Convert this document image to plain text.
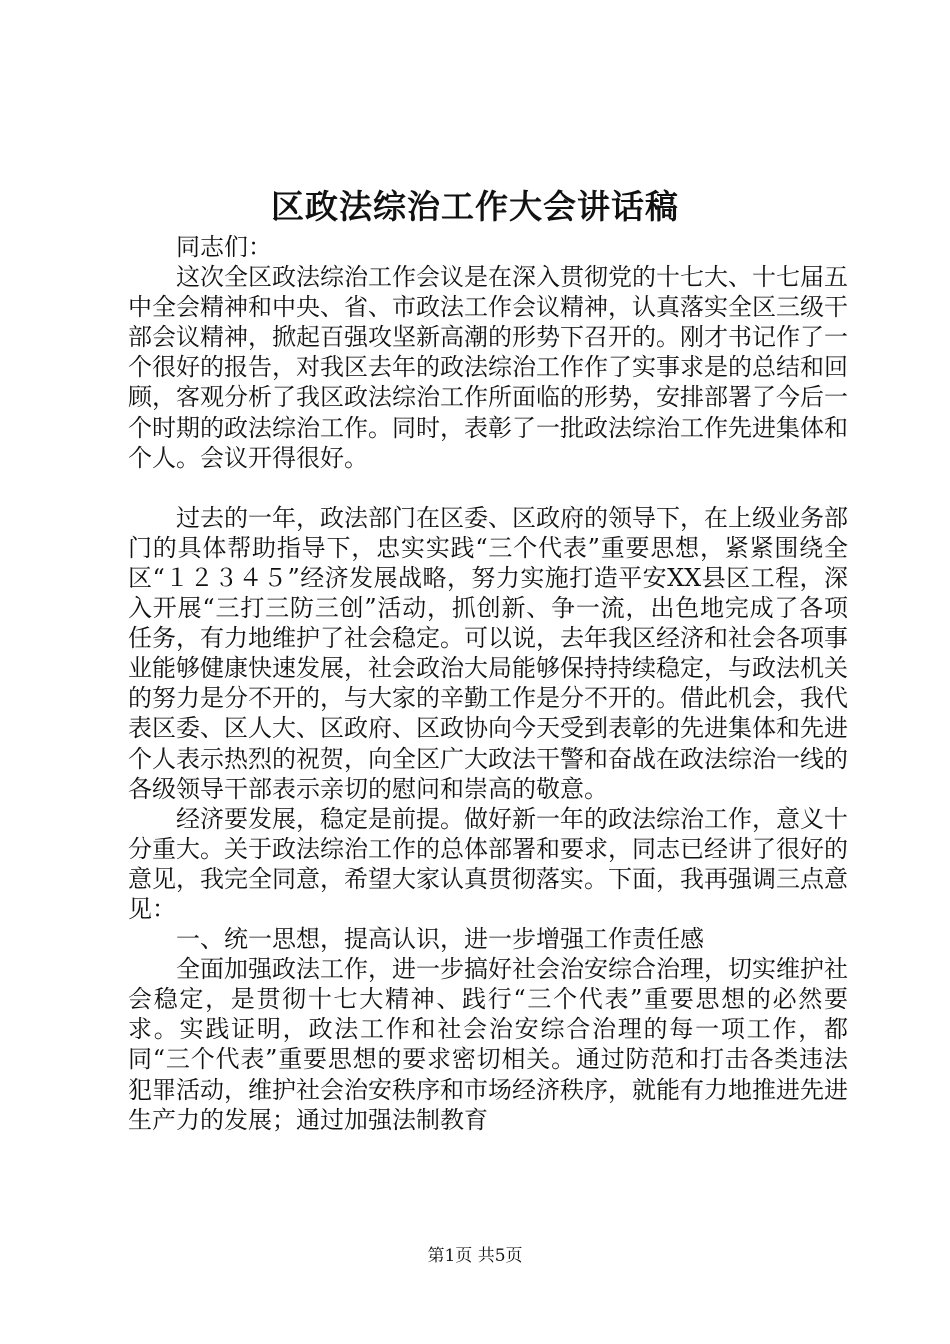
区政法综治工作大会讲话稿

同志们：

这次全区政法综治工作会议是在深入贯彻党的十七大、十七届五中全会精神和中央、省、市政法工作会议精神，认真落实全区三级干部会议精神，掀起百强攻坚新高潮的形势下召开的。刚才书记作了一个很好的报告，对我区去年的政法综治工作作了实事求是的总结和回顾，客观分析了我区政法综治工作所面临的形势，安排部署了今后一个时期的政法综治工作。同时，表彰了一批政法综治工作先进集体和个人。会议开得很好。

过去的一年，政法部门在区委、区政府的领导下，在上级业务部门的具体帮助指导下，忠实实践“三个代表”重要思想，紧紧围绕全区“１２３４５”经济发展战略，努力实施打造平安XX县区工程，深入开展“三打三防三创”活动，抓创新、争一流，出色地完成了各项任务，有力地维护了社会稳定。可以说，去年我区经济和社会各项事业能够健康快速发展，社会政治大局能够保持持续稳定，与政法机关的努力是分不开的，与大家的辛勤工作是分不开的。借此机会，我代表区委、区人大、区政府、区政协向今天受到表彰的先进集体和先进个人表示热烈的祝贺，向全区广大政法干警和奋战在政法综治一线的各级领导干部表示亲切的慰问和崇高的敬意。

经济要发展，稳定是前提。做好新一年的政法综治工作，意义十分重大。关于政法综治工作的总体部署和要求，同志已经讲了很好的意见，我完全同意，希望大家认真贯彻落实。下面，我再强调三点意见：

一、统一思想，提高认识，进一步增强工作责任感

全面加强政法工作，进一步搞好社会治安综合治理，切实维护社会稳定，是贯彻十七大精神、践行“三个代表”重要思想的必然要求。实践证明，政法工作和社会治安综合治理的每一项工作，都同“三个代表”重要思想的要求密切相关。通过防范和打击各类违法犯罪活动，维护社会治安秩序和市场经济秩序，就能有力地推进先进生产力的发展；通过加强法制教育

第1页 共5页
